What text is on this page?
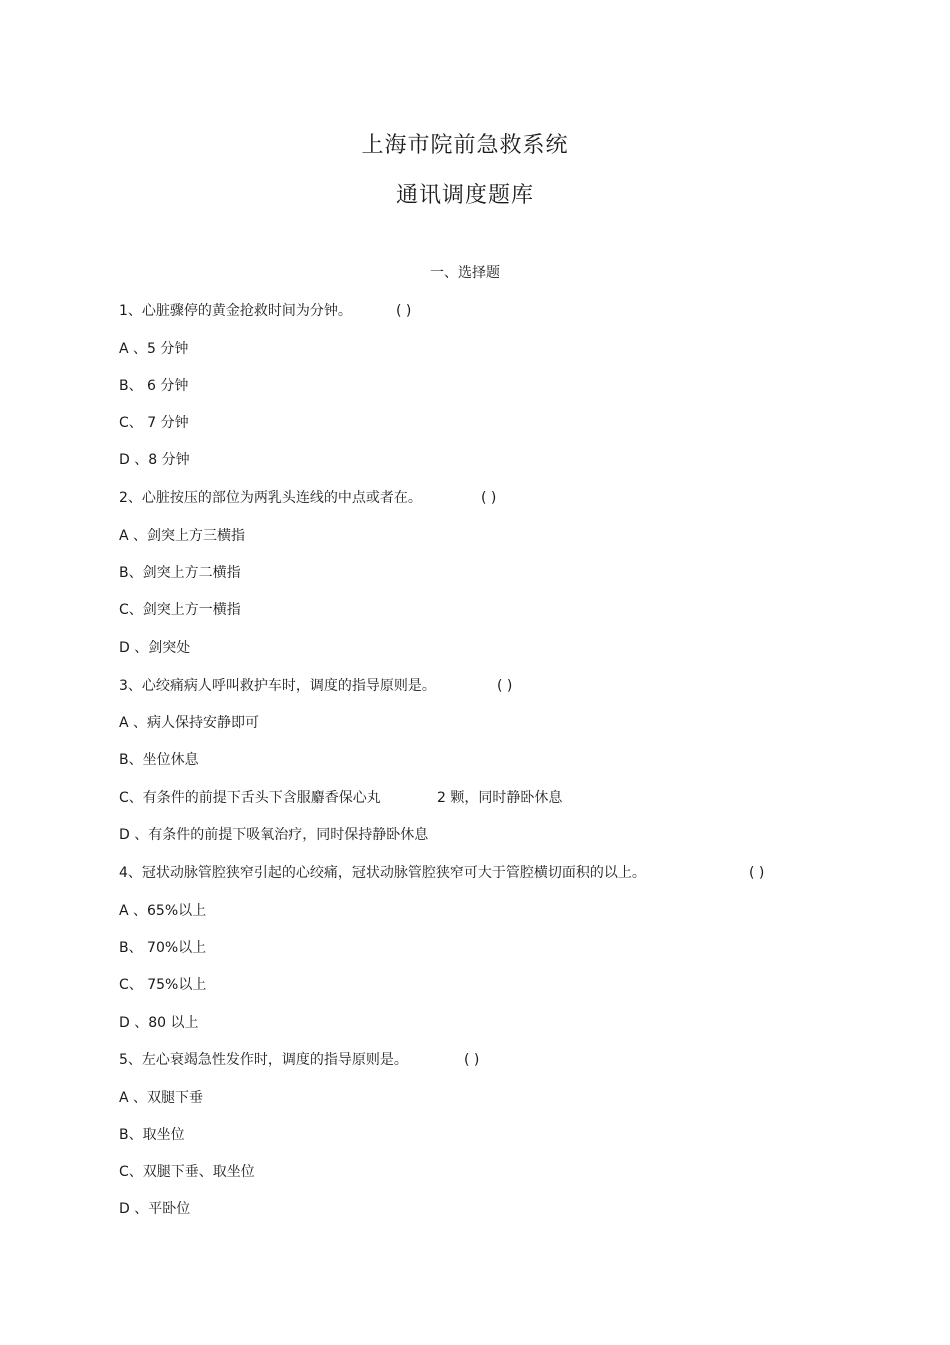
上海市院前急救系统
通讯调度题库
一、选择题
1、心脏骤停的黄金抢救时间为分钟。	( )
A 、5 分钟
B、 6 分钟
C、 7 分钟
D 、8 分钟
2、心脏按压的部位为两乳头连线的中点或者在。	( )
A 、剑突上方三横指
B、剑突上方二横指
C、剑突上方一横指
D 、剑突处
3、心绞痛病人呼叫救护车时，调度的指导原则是。	( )
A 、病人保持安静即可
B、坐位休息
C、有条件的前提下舌头下含服麝香保心丸	2 颗，同时静卧休息
D 、有条件的前提下吸氧治疗，同时保持静卧休息
4、冠状动脉管腔狭窄引起的心绞痛，冠状动脉管腔狭窄可大于管腔横切面积的以上。	( )
A 、65%以上
B、 70%以上
C、 75%以上
D 、80 以上
5、左心衰竭急性发作时，调度的指导原则是。	( )
A 、双腿下垂
B、取坐位
C、双腿下垂、取坐位
D 、平卧位
